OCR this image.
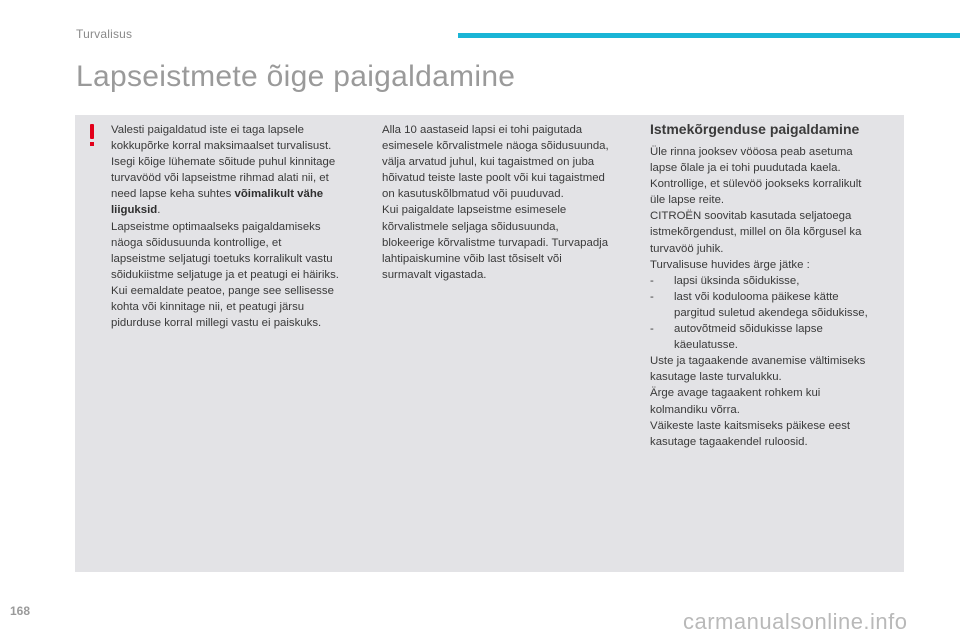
Turvalisus
Lapseistmete õige paigaldamine

Valesti paigaldatud iste ei taga lapsele
kokkupõrke korral maksimaalset turvalisust.
Isegi kõige lühemate sõitude puhul kinnitage
turvavööd või lapseistme rihmad alati nii, et
need lapse keha suhtes võimalikult vähe
liiguksid.
Lapseistme optimaalseks paigaldamiseks
näoga sõidusuunda kontrollige, et
lapseistme seljatugi toetuks korralikult vastu
sõidukiistme seljatuge ja et peatugi ei häiriks.
Kui eemaldate peatoe, pange see sellisesse
kohta või kinnitage nii, et peatugi järsu
pidurduse korral millegi vastu ei paiskuks.

Alla 10 aastaseid lapsi ei tohi paigutada
esimesele kõrvalistmele näoga sõidusuunda,
välja arvatud juhul, kui tagaistmed on juba
hõivatud teiste laste poolt või kui tagaistmed
on kasutuskõlbmatud või puuduvad.
Kui paigaldate lapseistme esimesele
kõrvalistmele seljaga sõidusuunda,
blokeerige kõrvalistme turvapadi. Turvapadja
lahtipaiskumine võib last tõsiselt või
surmavalt vigastada.

Istmekõrgenduse paigaldamine

Üle rinna jooksev vööosa peab asetuma
lapse õlale ja ei tohi puudutada kaela.
Kontrollige, et sülevöö jookseks korralikult
üle lapse reite.
CITROËN soovitab kasutada seljatoega
istmekõrgendust, millel on õla kõrgusel ka
turvavöö juhik.
Turvalisuse huvides ärge jätke :

- lapsi üksinda sõidukisse,

- last või kodulooma päikese kätte
pargitud suletud akendega sõidukisse,

- autovõtmeid sõidukisse lapse
käeulatusse.

Uste ja tagaakende avanemise vältimiseks
kasutage laste turvalukku.
Ärge avage tagaakent rohkem kui
kolmandiku võrra.
Väikeste laste kaitsmiseks päikese eest
kasutage tagaakendel ruloosid.

168	carmanualsonline.info
